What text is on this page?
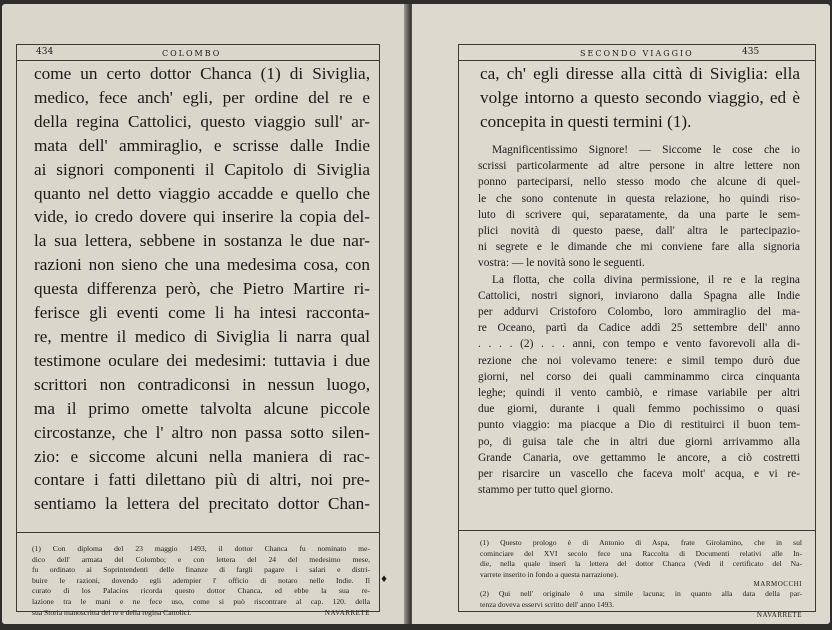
434	COLOMBO
come un certo dottor Chanca (1) di Siviglia,
medico, fece anch' egli, per ordine del re e
della regina Cattolici, questo viaggio sull' ar-
mata dell' ammiraglio, e scrisse dalle Indie
ai signori componenti il Capitolo di Siviglia
quanto nel detto viaggio accadde e quello che
vide, io credo dovere qui inserire la copia del-
la sua lettera, sebbene in sostanza le due nar-
razioni non sieno che una medesima cosa, con
questa differenza però, che Pietro Martire ri-
ferisce gli eventi come li ha intesi racconta-
re, mentre il medico di Siviglia li narra qual
testimone oculare dei medesimi: tuttavia i due
scrittori non contradiconsi in nessun luogo,
ma il primo omette talvolta alcune piccole
circostanze, che l' altro non passa sotto silen-
zio: e siccome alcuni nella maniera di rac-
contare i fatti dilettano più di altri, noi pre-
sentiamo la lettera del precitato dottor Chan-
(1) Con diploma del 23 maggio 1493, il dottor Chanca fu nominato me-
dico dell' armata del Colombo; e con lettera del 24 del medesimo mese,
fu ordinato ai Soprintendenti delle finanze di fargli pagare i salari e distri-
buire le razioni, dovendo egli adempier l' officio di notaro nelle Indie. Il
curato di los Palacios ricorda questo dottor Chanca, ed ebbe la sua re-
lazione tra le mani e ne fece uso, come si può riscontrare al cap. 120. della
sua Storia manoscritta del re e della regina Cattolici.	NAVARRETE
♦
SECONDO VIAGGIO	435
ca, ch' egli diresse alla città di Siviglia: ella
volge intorno a questo secondo viaggio, ed è
concepita in questi termini (1).
Magnificentissimo Signore! — Siccome le cose che io
scrissi particolarmente ad altre persone in altre lettere non
ponno parteciparsi, nello stesso modo che alcune di quel-
le che sono contenute in questa relazione, ho quindi riso-
luto di scrivere qui, separatamente, da una parte le sem-
plici novità di questo paese, dall' altra le partecipazio-
ni segrete e le dimande che mi conviene fare alla signoria
vostra: — le novità sono le seguenti.
La flotta, che colla divina permissione, il re e la regina
Cattolici, nostri signori, inviarono dalla Spagna alle Indie
per addurvi Cristoforo Colombo, loro ammiraglio del ma-
re Oceano, partì da Cadice addì 25 settembre dell' anno
. . . . (2) . . . anni, con tempo e vento favorevoli alla di-
rezione che noi volevamo tenere: e simil tempo durò due
giorni, nel corso dei quali camminammo circa cinquanta
leghe; quindi il vento cambiò, e rimase variabile per altri
due giorni, durante i quali femmo pochissimo o quasi
punto viaggio: ma piacque a Dio di restituirci il buon tem-
po, di guisa tale che in altri due giorni arrivammo alla
Grande Canaria, ove gettammo le ancore, a ciò costretti
per risarcire un vascello che faceva molt' acqua, e vi re-
stammo per tutto quel giorno.
(1) Questo prologo è di Antonio di Aspa, frate Girolamino, che in sul
cominciare del XVI secolo fece una Raccolta di Documenti relativi alle In-
die, nella quale inserì la lettera del dottor Chanca (Vedi il certificato del Na-
varrete inserito in fondo a questa narrazione).
MARMOCCHI
(2) Qui nell' originale è una simile lacuna; in quanto alla data della par-
tenza doveva esservi scritto dell' anno 1493.
NAVARRETE
